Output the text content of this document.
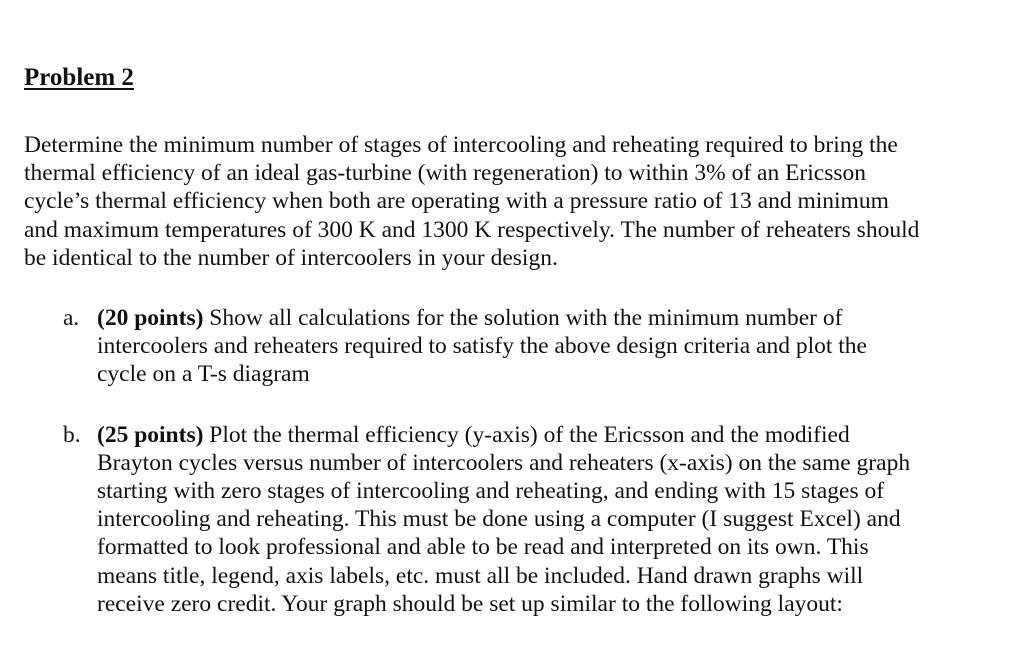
Problem 2

Determine the minimum number of stages of intercooling and reheating required to bring the thermal efficiency of an ideal gas-turbine (with regeneration) to within 3% of an Ericsson cycle’s thermal efficiency when both are operating with a pressure ratio of 13 and minimum and maximum temperatures of 300 K and 1300 K respectively. The number of reheaters should be identical to the number of intercoolers in your design.

a. (20 points) Show all calculations for the solution with the minimum number of intercoolers and reheaters required to satisfy the above design criteria and plot the cycle on a T-s diagram
b. (25 points) Plot the thermal efficiency (y-axis) of the Ericsson and the modified Brayton cycles versus number of intercoolers and reheaters (x-axis) on the same graph starting with zero stages of intercooling and reheating, and ending with 15 stages of intercooling and reheating. This must be done using a computer (I suggest Excel) and formatted to look professional and able to be read and interpreted on its own. This means title, legend, axis labels, etc. must all be included. Hand drawn graphs will receive zero credit. Your graph should be set up similar to the following layout:
